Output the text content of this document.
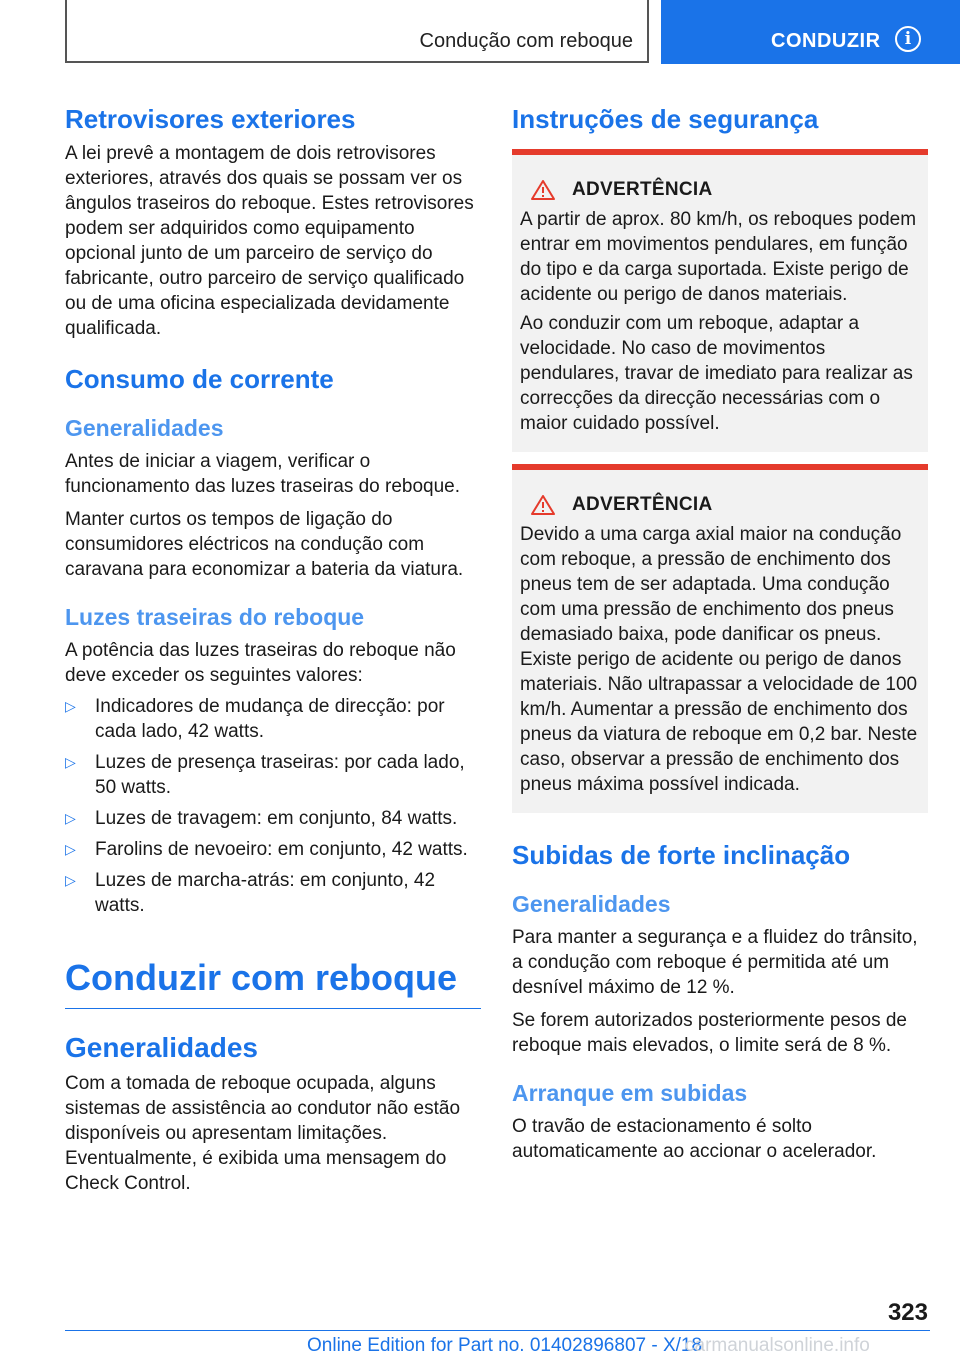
Condução com reboque	CONDUZIR	i
Retrovisores exteriores

A lei prevê a montagem de dois retrovisores exteriores, através dos quais se possam ver os ângulos traseiros do reboque. Estes retrovisores podem ser adquiridos como equipamento opcional junto de um parceiro de serviço do fabricante, outro parceiro de serviço qualificado ou de uma oficina especializada devidamente qualificada.

Consumo de corrente
Generalidades

Antes de iniciar a viagem, verificar o funcionamento das luzes traseiras do reboque.

Manter curtos os tempos de ligação do consumidores eléctricos na condução com caravana para economizar a bateria da viatura.

Luzes traseiras do reboque

A potência das luzes traseiras do reboque não deve exceder os seguintes valores:

▷ Indicadores de mudança de direcção: por cada lado, 42 watts.
▷ Luzes de presença traseiras: por cada lado, 50 watts.
▷ Luzes de travagem: em conjunto, 84 watts.
▷ Farolins de nevoeiro: em conjunto, 42 watts.
▷ Luzes de marcha-atrás: em conjunto, 42 watts.
Conduzir com reboque
Generalidades

Com a tomada de reboque ocupada, alguns sistemas de assistência ao condutor não estão disponíveis ou apresentam limitações. Eventualmente, é exibida uma mensagem do Check Control.

Instruções de segurança
ADVERTÊNCIA

A partir de aprox. 80 km/h, os reboques podem entrar em movimentos pendulares, em função do tipo e da carga suportada. Existe perigo de acidente ou perigo de danos materiais.

Ao conduzir com um reboque, adaptar a velocidade. No caso de movimentos pendulares, travar de imediato para realizar as correcções da direcção necessárias com o maior cuidado possível.

ADVERTÊNCIA

Devido a uma carga axial maior na condução com reboque, a pressão de enchimento dos pneus tem de ser adaptada. Uma condução com uma pressão de enchimento dos pneus demasiado baixa, pode danificar os pneus. Existe perigo de acidente ou perigo de danos materiais. Não ultrapassar a velocidade de 100 km/h. Aumentar a pressão de enchimento dos pneus da viatura de reboque em 0,2 bar. Neste caso, observar a pressão de enchimento dos pneus máxima possível indicada.

Subidas de forte inclinação
Generalidades

Para manter a segurança e a fluidez do trânsito, a condução com reboque é permitida até um desnível máximo de 12 %.

Se forem autorizados posteriormente pesos de reboque mais elevados, o limite será de 8 %.

Arranque em subidas

O travão de estacionamento é solto automaticamente ao accionar o acelerador.

323
Online Edition for Part no. 01402896807 - X/18
carmanualsonline.info
